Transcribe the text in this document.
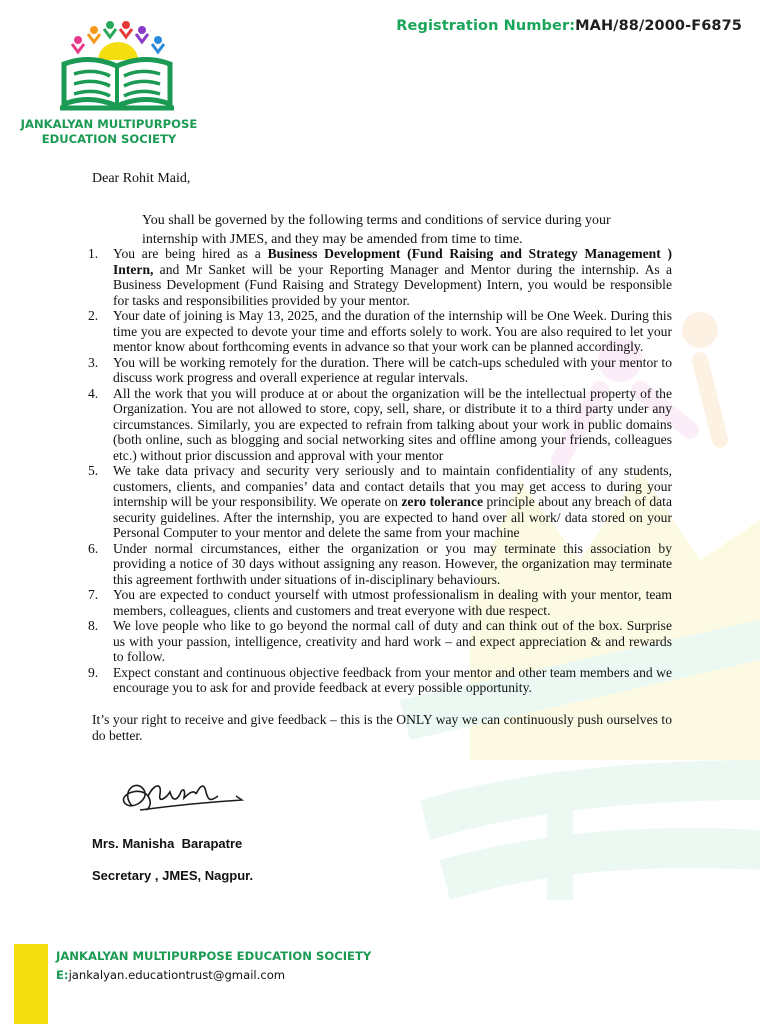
Registration Number:MAH/88/2000-F6875
JANKALYAN MULTIPURPOSE
EDUCATION SOCIETY
Dear Rohit Maid,
You shall be governed by the following terms and conditions of service during your internship with JMES, and they may be amended from time to time.
1.	You are being hired as a Business Development (Fund Raising and Strategy Management ) Intern, and Mr Sanket will be your Reporting Manager and Mentor during the internship. As a Business Development (Fund Raising and Strategy Development) Intern, you would be responsible for tasks and responsibilities provided by your mentor.
2.	Your date of joining is May 13, 2025, and the duration of the internship will be One Week. During this time you are expected to devote your time and efforts solely to work. You are also required to let your mentor know about forthcoming events in advance so that your work can be planned accordingly.
3.	You will be working remotely for the duration. There will be catch-ups scheduled with your mentor to discuss work progress and overall experience at regular intervals.
4.	All the work that you will produce at or about the organization will be the intellectual property of the Organization. You are not allowed to store, copy, sell, share, or distribute it to a third party under any circumstances. Similarly, you are expected to refrain from talking about your work in public domains (both online, such as blogging and social networking sites and offline among your friends, colleagues etc.) without prior discussion and approval with your mentor
5.	We take data privacy and security very seriously and to maintain confidentiality of any students, customers, clients, and companies’ data and contact details that you may get access to during your internship will be your responsibility. We operate on zero tolerance principle about any breach of data security guidelines. After the internship, you are expected to hand over all work/ data stored on your Personal Computer to your mentor and delete the same from your machine
6.	Under normal circumstances, either the organization or you may terminate this association by providing a notice of 30 days without assigning any reason. However, the organization may terminate this agreement forthwith under situations of in-disciplinary behaviours.
7.	You are expected to conduct yourself with utmost professionalism in dealing with your mentor, team members, colleagues, clients and customers and treat everyone with due respect.
8.	We love people who like to go beyond the normal call of duty and can think out of the box. Surprise us with your passion, intelligence, creativity and hard work – and expect appreciation & and rewards to follow.
9.	Expect constant and continuous objective feedback from your mentor and other team members and we encourage you to ask for and provide feedback at every possible opportunity.
It’s your right to receive and give feedback – this is the ONLY way we can continuously push ourselves to do better.
Mrs. Manisha  Barapatre
Secretary , JMES, Nagpur.
JANKALYAN MULTIPURPOSE EDUCATION SOCIETY
E:jankalyan.educationtrust@gmail.com
